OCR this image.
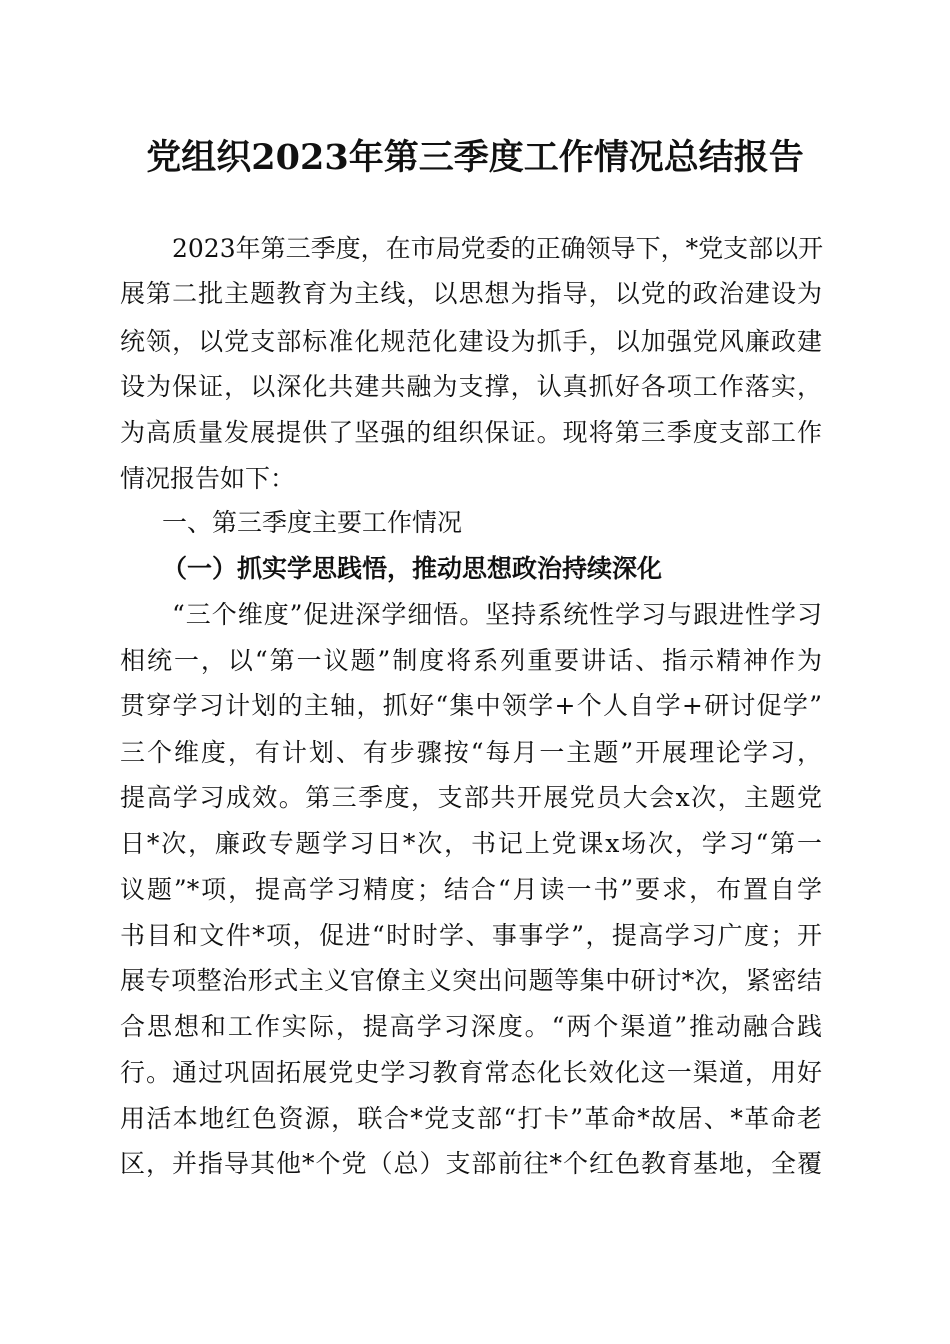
党组织2023年第三季度工作情况总结报告
2023年第三季度，在市局党委的正确领导下，*党支部以开
展第二批主题教育为主线，以思想为指导，以党的政治建设为
统领，以党支部标准化规范化建设为抓手，以加强党风廉政建
设为保证，以深化共建共融为支撑，认真抓好各项工作落实，
为高质量发展提供了坚强的组织保证。现将第三季度支部工作
情况报告如下：
一、第三季度主要工作情况
（一）抓实学思践悟，推动思想政治持续深化
“三个维度”促进深学细悟。坚持系统性学习与跟进性学习
相统一，以“第一议题”制度将系列重要讲话、指示精神作为
贯穿学习计划的主轴，抓好“集中领学+个人自学+研讨促学”
三个维度，有计划、有步骤按“每月一主题”开展理论学习，
提高学习成效。第三季度，支部共开展党员大会x次，主题党
日*次，廉政专题学习日*次，书记上党课x场次，学习“第一
议题”*项，提高学习精度；结合“月读一书”要求，布置自学
书目和文件*项，促进“时时学、事事学”，提高学习广度；开
展专项整治形式主义官僚主义突出问题等集中研讨*次，紧密结
合思想和工作实际，提高学习深度。“两个渠道”推动融合践
行。通过巩固拓展党史学习教育常态化长效化这一渠道，用好
用活本地红色资源，联合*党支部“打卡”革命*故居、*革命老
区，并指导其他*个党（总）支部前往*个红色教育基地，全覆
